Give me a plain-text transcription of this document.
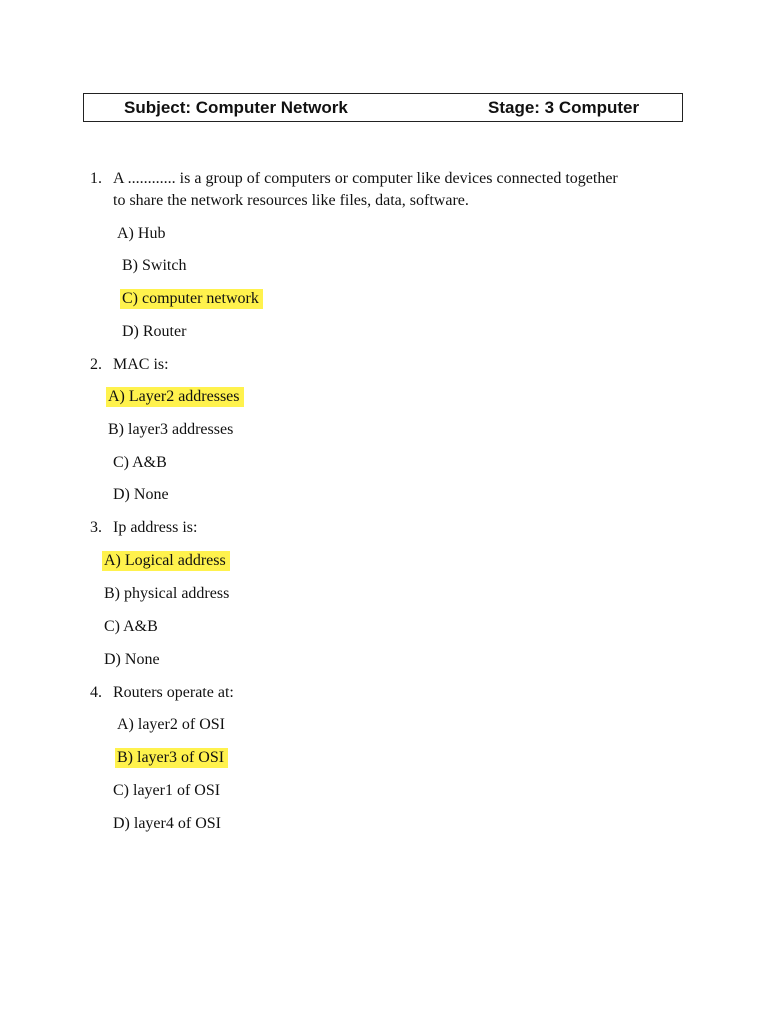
Subject: Computer Network	Stage: 3 Computer
1. A ............ is a group of computers or computer like devices connected together
to share the network resources like files, data, software.
A) Hub
B) Switch
C) computer network
D) Router
2. MAC is:
A) Layer2 addresses
B) layer3 addresses
C) A&B
D) None
3. Ip address is:
A) Logical address
B) physical address
C) A&B
D) None
4. Routers operate at:
A) layer2 of OSI
B) layer3 of OSI
C) layer1 of OSI
D) layer4 of OSI
